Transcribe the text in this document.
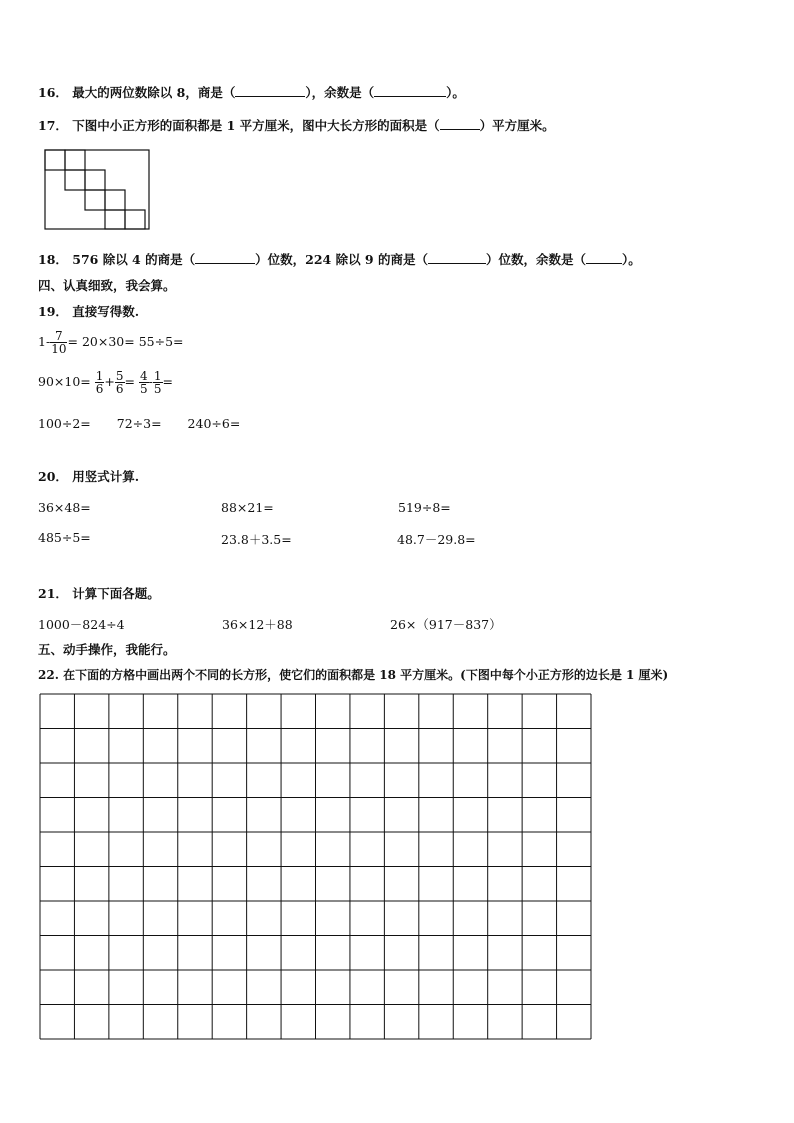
16． 最大的两位数除以 8，商是（	），余数是（	）。
17． 下图中小正方形的面积都是 1 平方厘米，图中大长方形的面积是（	）平方厘米。
18． 576 除以 4 的商是（	）位数，224 除以 9 的商是（	）位数，余数是（	）。
四、认真细致，我会算。
19． 直接写得数.
$1- \frac{7}{10} = 20\times 30= 55\div 5=$
$90\times 10= \frac{1}{6} + \frac{5}{6} = \frac{4}{5} - \frac{1}{5}$ =
100÷2= 72÷3= 240÷6=
20． 用竖式计算.
36×48=	88×21=	519÷8=
485÷5=	23.8＋3.5=	48.7－29.8=
21． 计算下面各题。
1000－824÷4	36×12＋88	26×（917－837）
五、动手操作，我能行。
22. 在下面的方格中画出两个不同的长方形，使它们的面积都是 18 平方厘米。(下图中每个小正方形的边长是 1 厘米)
